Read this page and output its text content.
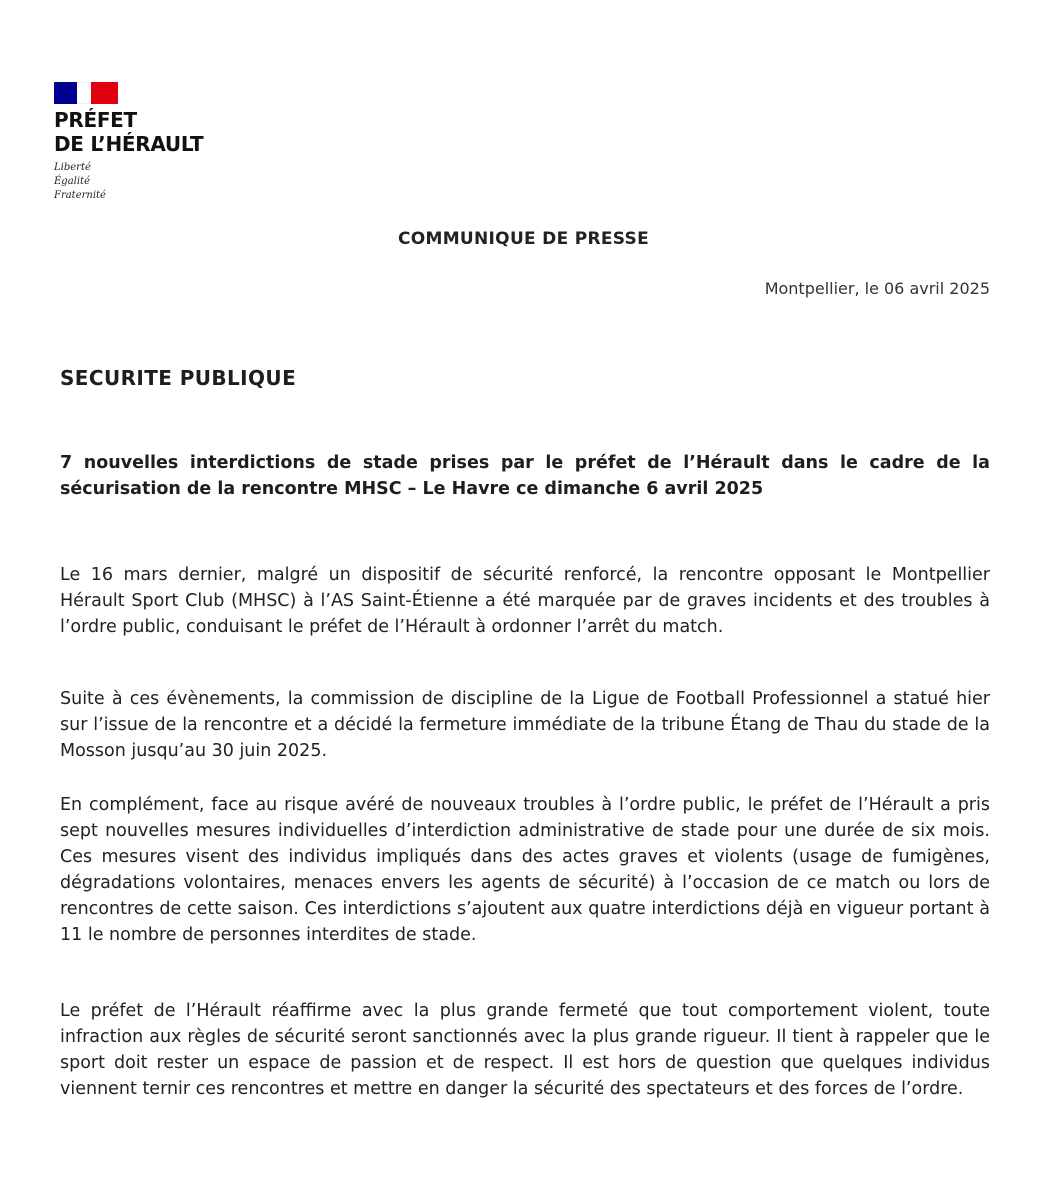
PRÉFET
DE L’HÉRAULT
Liberté
Égalité
Fraternité
COMMUNIQUE DE PRESSE
Montpellier, le 06 avril 2025
SECURITE PUBLIQUE
7 nouvelles interdictions de stade prises par le préfet de l’Hérault dans le cadre de la sécurisation de la rencontre MHSC – Le Havre ce dimanche 6 avril 2025

Le 16 mars dernier, malgré un dispositif de sécurité renforcé, la rencontre opposant le Montpellier Hérault Sport Club (MHSC) à l’AS Saint-Étienne a été marquée par de graves incidents et des troubles à l’ordre public, conduisant le préfet de l’Hérault à ordonner l’arrêt du match.

Suite à ces évènements, la commission de discipline de la Ligue de Football Professionnel a statué hier sur l’issue de la rencontre et a décidé la fermeture immédiate de la tribune Étang de Thau du stade de la Mosson jusqu’au 30 juin 2025.

En complément, face au risque avéré de nouveaux troubles à l’ordre public, le préfet de l’Hérault a pris sept nouvelles mesures individuelles d’interdiction administrative de stade pour une durée de six mois. Ces mesures visent des individus impliqués dans des actes graves et violents (usage de fumigènes, dégradations volontaires, menaces envers les agents de sécurité) à l’occasion de ce match ou lors de rencontres de cette saison. Ces interdictions s’ajoutent aux quatre interdictions déjà en vigueur portant à 11 le nombre de personnes interdites de stade.

Le préfet de l’Hérault réaffirme avec la plus grande fermeté que tout comportement violent, toute infraction aux règles de sécurité seront sanctionnés avec la plus grande rigueur. Il tient à rappeler que le sport doit rester un espace de passion et de respect. Il est hors de question que quelques individus viennent ternir ces rencontres et mettre en danger la sécurité des spectateurs et des forces de l’ordre.
